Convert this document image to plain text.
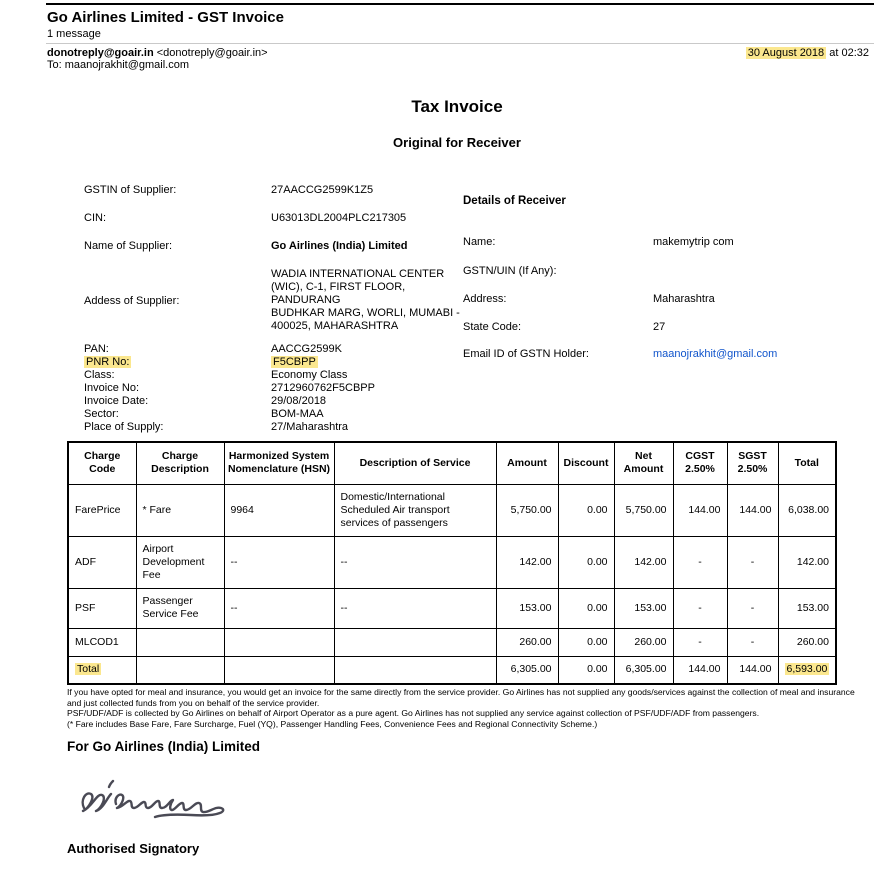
Go Airlines Limited - GST Invoice
1 message
donotreply@goair.in <donotreply@goair.in>	30 August 2018 at 02:32
To: maanojrakhit@gmail.com
Tax Invoice
Original for Receiver
GSTIN of Supplier:	27AACCG2599K1Z5
CIN:	U63013DL2004PLC217305
Name of Supplier:	Go Airlines (India) Limited
Addess of Supplier:
WADIA INTERNATIONAL CENTER
(WIC), C-1, FIRST FLOOR,
PANDURANG
BUDHKAR MARG, WORLI, MUMABI -
400025, MAHARASHTRA
PAN:	AACCG2599K
PNR No:	F5CBPP
Class:	Economy Class
Invoice No:	2712960762F5CBPP
Invoice Date:	29/08/2018
Sector:	BOM-MAA
Place of Supply:	27/Maharashtra
Details of Receiver
Name:	makemytrip com
GSTN/UIN (If Any):
Address:	Maharashtra
State Code:	27
Email ID of GSTN Holder:	maanojrakhit@gmail.com
Charge Code	Charge Description	Harmonized System Nomenclature (HSN)	Description of Service	Amount	Discount	Net Amount	CGST 2.50%	SGST 2.50%	Total
FarePrice	* Fare	9964	Domestic/International Scheduled Air transport services of passengers	5,750.00	0.00	5,750.00	144.00	144.00	6,038.00
ADF	Airport Development Fee	--	--	142.00	0.00	142.00	-	-	142.00
PSF	Passenger Service Fee	--	--	153.00	0.00	153.00	-	-	153.00
MLCOD1				260.00	0.00	260.00	-	-	260.00
Total				6,305.00	0.00	6,305.00	144.00	144.00	6,593.00
If you have opted for meal and insurance, you would get an invoice for the same directly from the service provider. Go Airlines has not supplied any goods/services against the collection of meal and insurance and just collected funds from you on behalf of the service provider.
PSF/UDF/ADF is collected by Go Airlines on behalf of Airport Operator as a pure agent. Go Airlines has not supplied any service against collection of PSF/UDF/ADF from passengers.
(* Fare includes Base Fare, Fare Surcharge, Fuel (YQ), Passenger Handling Fees, Convenience Fees and Regional Connectivity Scheme.)
For Go Airlines (India) Limited
Authorised Signatory
